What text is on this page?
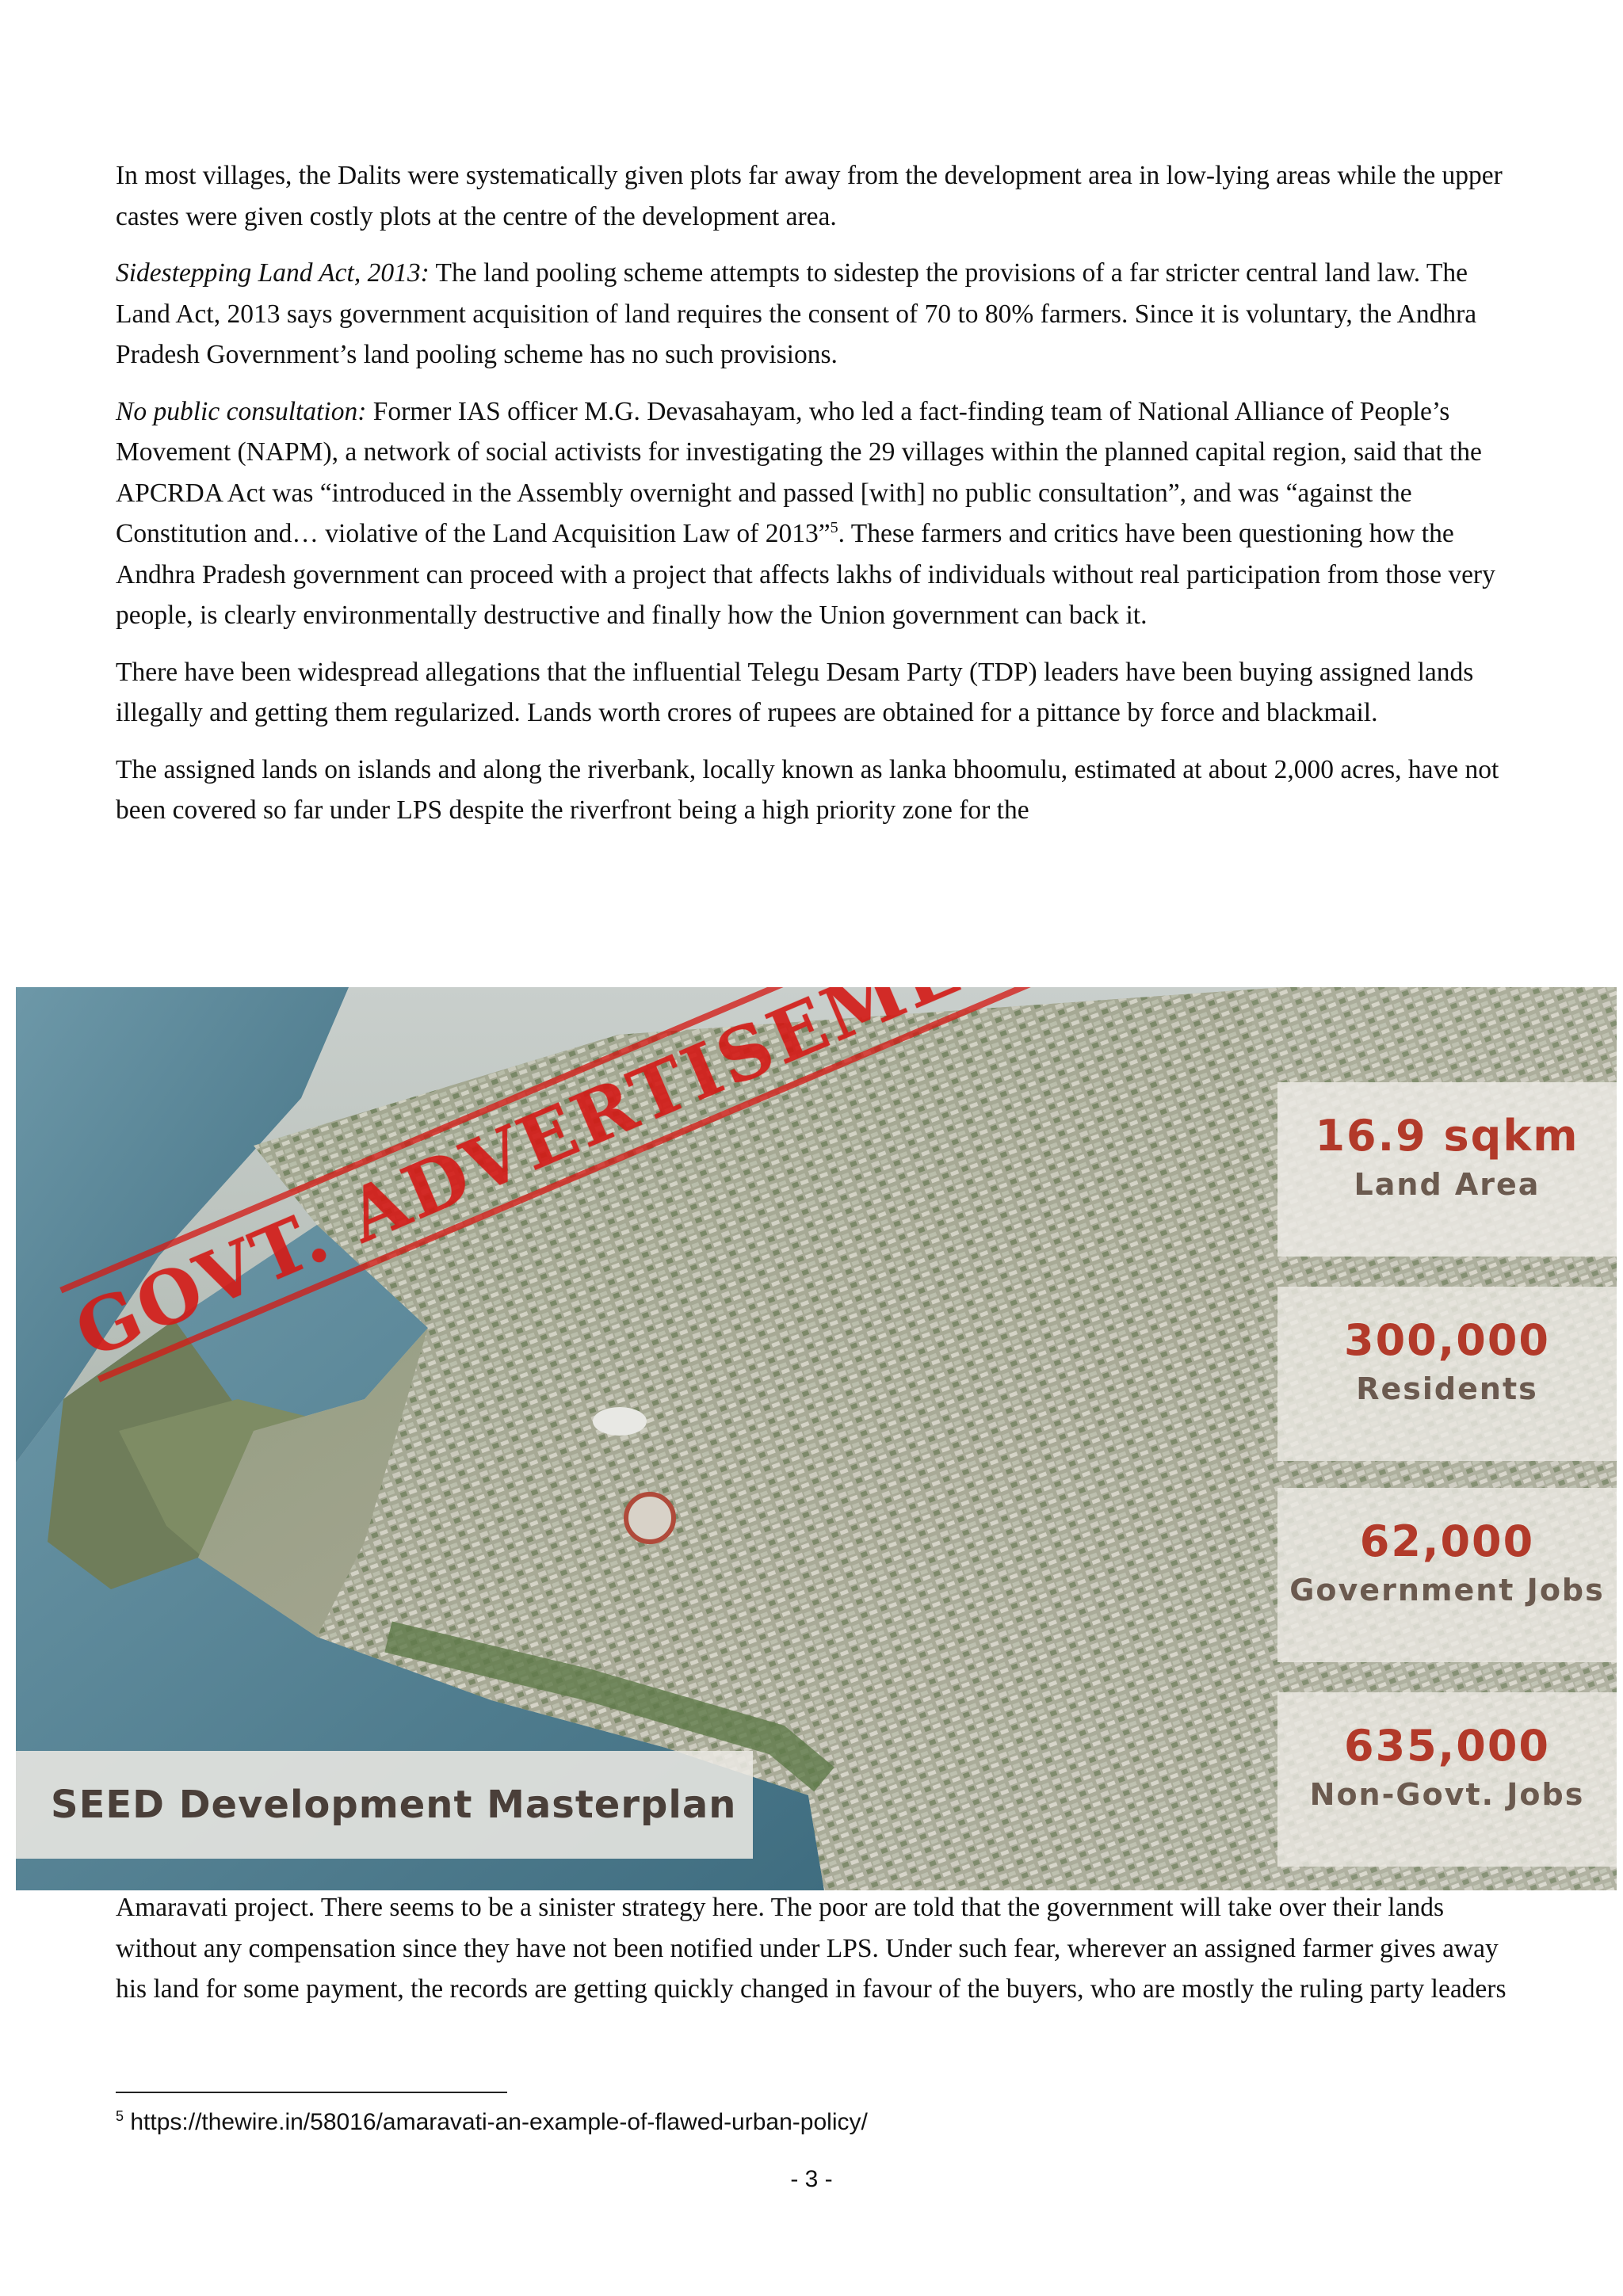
In most villages, the Dalits were systematically given plots far away from the development area in low-lying areas while the upper castes were given costly plots at the centre of the development area.

Sidestepping Land Act, 2013: The land pooling scheme attempts to sidestep the provisions of a far stricter central land law. The Land Act, 2013 says government acquisition of land requires the consent of 70 to 80% farmers. Since it is voluntary, the Andhra Pradesh Government’s land pooling scheme has no such provisions.

No public consultation: Former IAS officer M.G. Devasahayam, who led a fact-finding team of National Alliance of People’s Movement (NAPM), a network of social activists for investigating the 29 villages within the planned capital region, said that the APCRDA Act was “introduced in the Assembly overnight and passed [with] no public consultation”, and was “against the Constitution and… violative of the Land Acquisition Law of 2013”$^5$. These farmers and critics have been questioning how the Andhra Pradesh government can proceed with a project that affects lakhs of individuals without real participation from those very people, is clearly environmentally destructive and finally how the Union government can back it.

There have been widespread allegations that the influential Telegu Desam Party (TDP) leaders have been buying assigned lands illegally and getting them regularized. Lands worth crores of rupees are obtained for a pittance by force and blackmail.

The assigned lands on islands and along the riverbank, locally known as lanka bhoomulu, estimated at about 2,000 acres, have not been covered so far under LPS despite the riverfront being a high priority zone for the

16.9 sqkm
Land Area
300,000
Residents
62,000
Government Jobs
635,000
Non-Govt. Jobs
SEED Development Masterplan
GOVT.

Amaravati project. There seems to be a sinister strategy here. The poor are told that the government will take over their lands without any compensation since they have not been notified under LPS. Under such fear, wherever an assigned farmer gives away his land for some payment, the records are getting quickly changed in favour of the buyers, who are mostly the ruling party leaders

$^5$ https://thewire.in/58016/amaravati-an-example-of-flawed-urban-policy/
- 3 -
